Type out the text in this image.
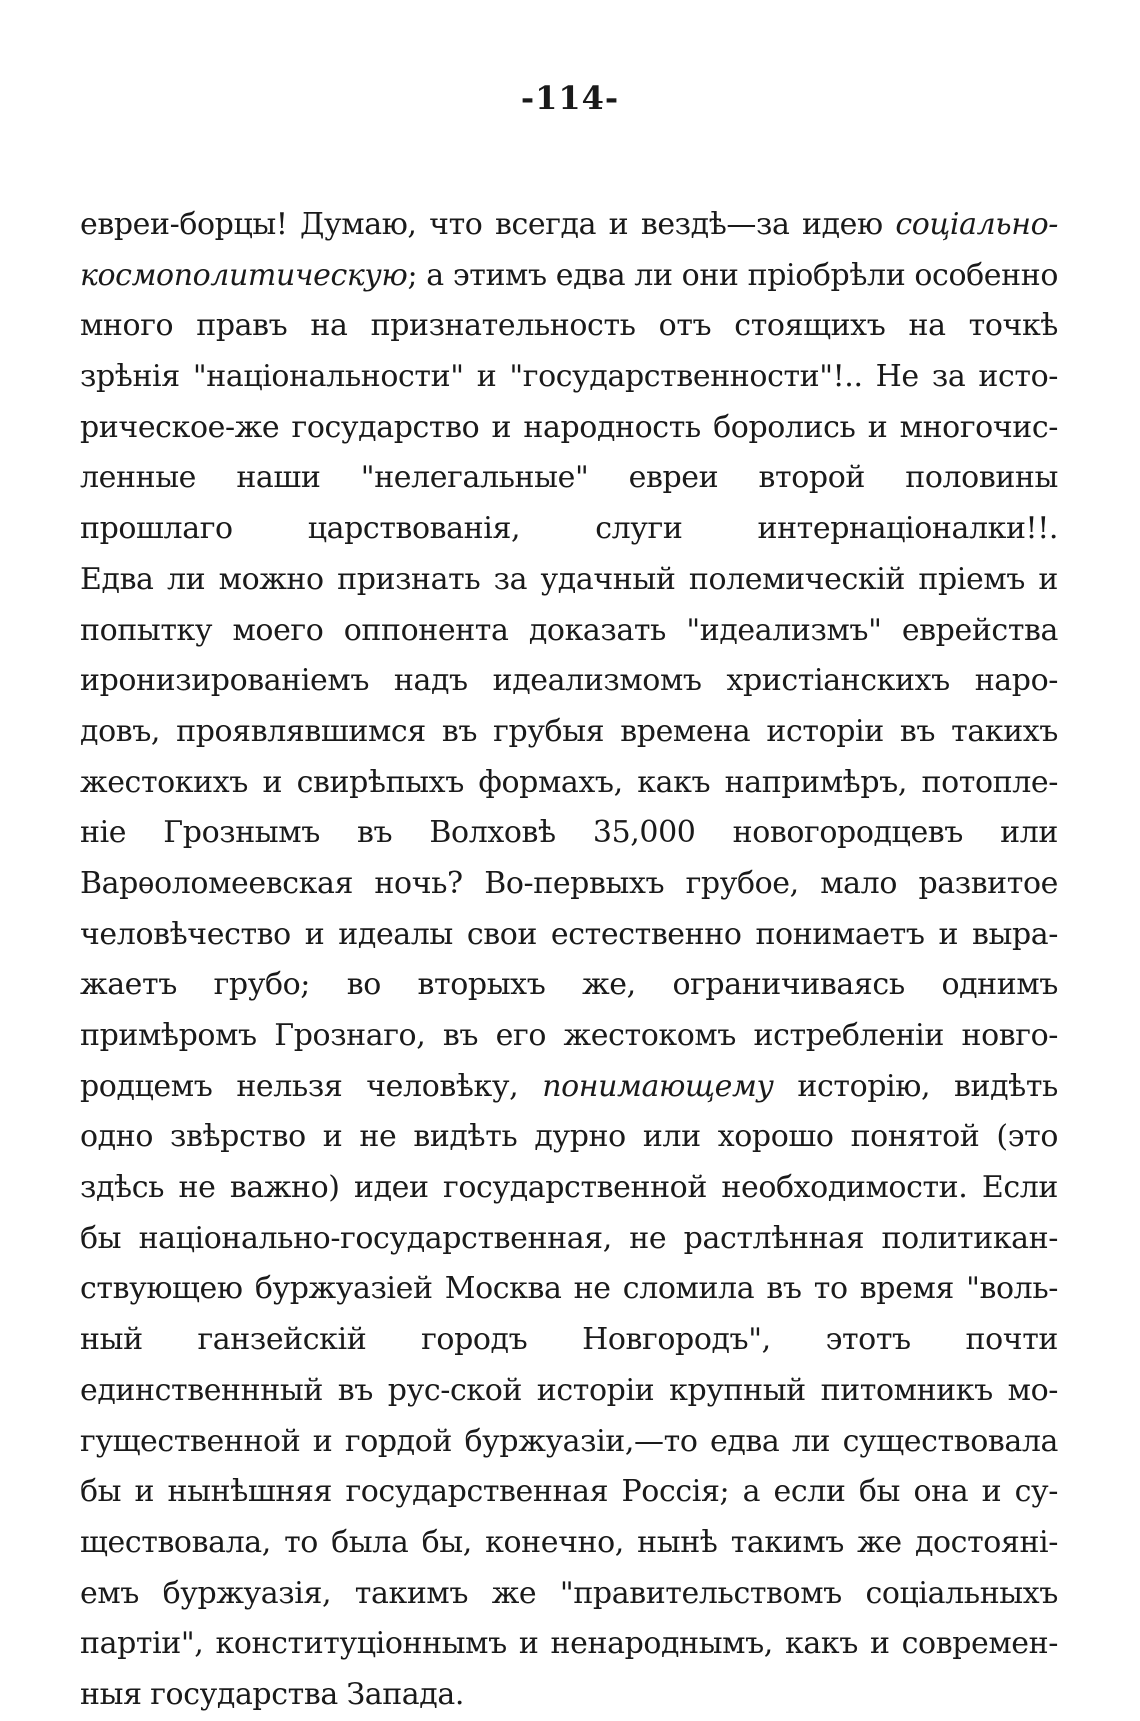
-114-
евреи-борцы! Думаю, что всегда и вездѣ—за идею соціально-
космополитическую; а этимъ едва ли они пріобрѣли особенно
много правъ на признательность отъ стоящихъ на точкѣ
зрѣнія "національности" и "государственности"!.. Не за исто-
рическое-же государство и народность боролись и многочис-
ленные наши "нелегальные" евреи второй половины
прошлаго царствованія, слуги интернаціоналки!!.
Едва ли можно признать за удачный полемическій пріемъ и
попытку моего оппонента доказать "идеализмъ" еврейства
иронизированіемъ надъ идеализмомъ христіанскихъ наро-
довъ, проявлявшимся въ грубыя времена исторіи въ такихъ
жестокихъ и свирѣпыхъ формахъ, какъ напримѣръ, потопле-
ніе Грознымъ въ Волховѣ 35,000 новогородцевъ или
Варѳоломеевская ночь? Во-первыхъ грубое, мало развитое
человѣчество и идеалы свои естественно понимаетъ и выра-
жаетъ грубо; во вторыхъ же, ограничиваясь однимъ
примѣромъ Грознаго, въ его жестокомъ истребленіи новго-
родцемъ нельзя человѣку, понимающему исторію, видѣть
одно звѣрство и не видѣть дурно или хорошо понятой (это
здѣсь не важно) идеи государственной необходимости. Если
бы національно-государственная, не растлѣнная политикан-
ствующею буржуазіей Москва не сломила въ то время "воль-
ный ганзейскій городъ Новгородъ", этотъ почти
единственнный въ рус-ской исторіи крупный питомникъ мо-
гущественной и гордой буржуазіи,—то едва ли существовала
бы и нынѣшняя государственная Россія; а если бы она и су-
ществовала, то была бы, конечно, нынѣ такимъ же достояні-
емъ буржуазія, такимъ же "правительствомъ соціальныхъ
партіи", конституціоннымъ и ненароднымъ, какъ и современ-
ныя государства Запада.
